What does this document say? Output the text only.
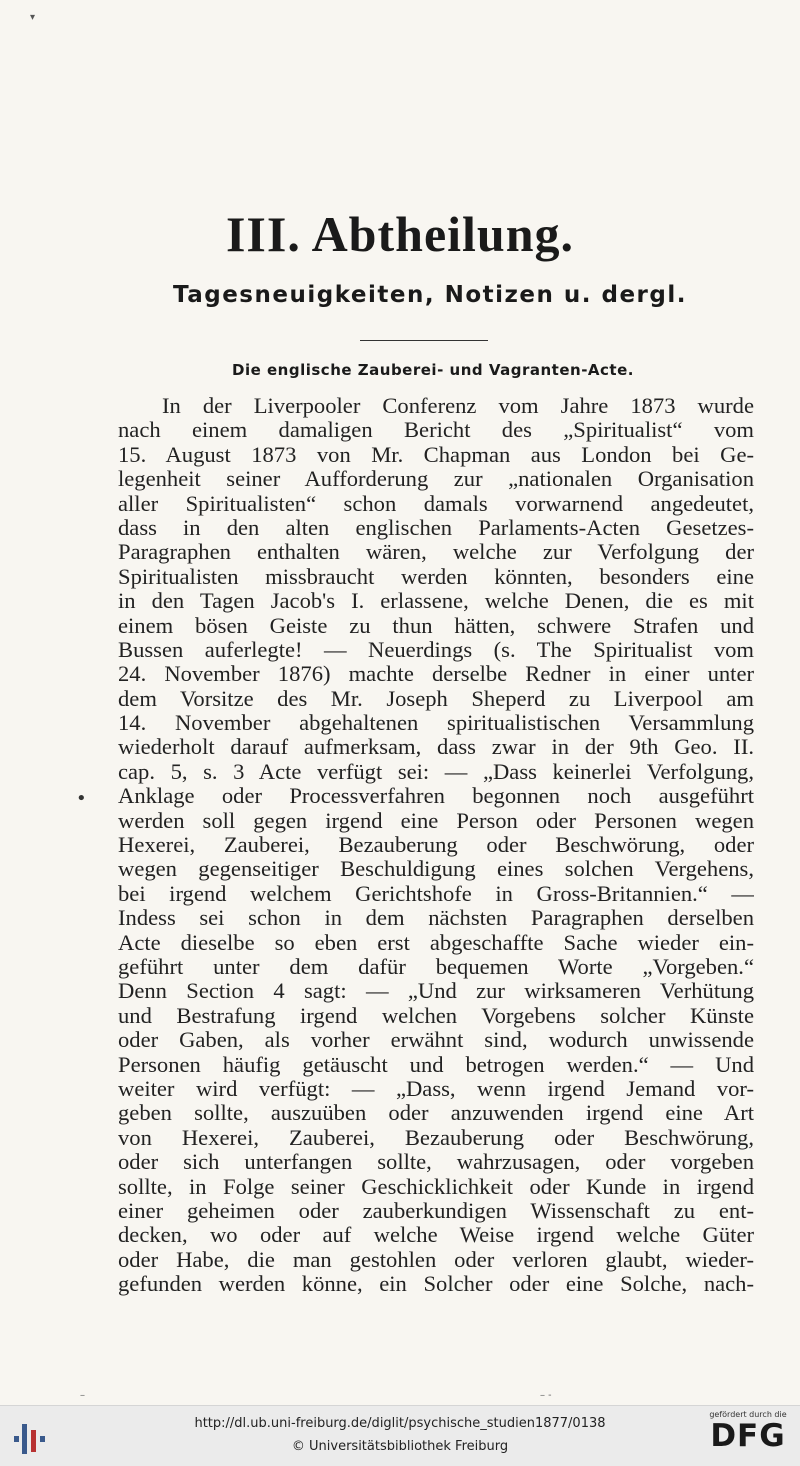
▾
III. Abtheilung.
Tagesneuigkeiten, Notizen u. dergl.
Die englische Zauberei- und Vagranten-Acte.
In der Liverpooler Conferenz vom Jahre 1873 wurde
nach einem damaligen Bericht des „Spiritualist“ vom
15. August 1873 von Mr. Chapman aus London bei Ge-
legenheit seiner Aufforderung zur „nationalen Organisation
aller Spiritualisten“ schon damals vorwarnend angedeutet,
dass in den alten englischen Parlaments-Acten Gesetzes-
Paragraphen enthalten wären, welche zur Verfolgung der
Spiritualisten missbraucht werden könnten, besonders eine
in den Tagen Jacob's I. erlassene, welche Denen, die es mit
einem bösen Geiste zu thun hätten, schwere Strafen und
Bussen auferlegte! — Neuerdings (s. The Spiritualist vom
24. November 1876) machte derselbe Redner in einer unter
dem Vorsitze des Mr. Joseph Sheperd zu Liverpool am
14. November abgehaltenen spiritualistischen Versammlung
wiederholt darauf aufmerksam, dass zwar in der 9th Geo. II.
cap. 5, s. 3 Acte verfügt sei: — „Dass keinerlei Verfolgung,
Anklage oder Processverfahren begonnen noch ausgeführt
werden soll gegen irgend eine Person oder Personen wegen
Hexerei, Zauberei, Bezauberung oder Beschwörung, oder
wegen gegenseitiger Beschuldigung eines solchen Vergehens,
bei irgend welchem Gerichtshofe in Gross-Britannien.“ —
Indess sei schon in dem nächsten Paragraphen derselben
Acte dieselbe so eben erst abgeschaffte Sache wieder ein-
geführt unter dem dafür bequemen Worte „Vorgeben.“
Denn Section 4 sagt: — „Und zur wirksameren Verhütung
und Bestrafung irgend welchen Vorgebens solcher Künste
oder Gaben, als vorher erwähnt sind, wodurch unwissende
Personen häufig getäuscht und betrogen werden.“ — Und
weiter wird verfügt: — „Dass, wenn irgend Jemand vor-
geben sollte, auszuüben oder anzuwenden irgend eine Art
von Hexerei, Zauberei, Bezauberung oder Beschwörung,
oder sich unterfangen sollte, wahrzusagen, oder vorgeben
sollte, in Folge seiner Geschicklichkeit oder Kunde in irgend
einer geheimen oder zauberkundigen Wissenschaft zu ent-
decken, wo oder auf welche Weise irgend welche Güter
oder Habe, die man gestohlen oder verloren glaubt, wieder-
gefunden werden könne, ein Solcher oder eine Solche, nach-
•
–	– -
http://dl.ub.uni-freiburg.de/diglit/psychische_studien1877/0138
© Universitätsbibliothek Freiburg
gefördert durch die
DFG
